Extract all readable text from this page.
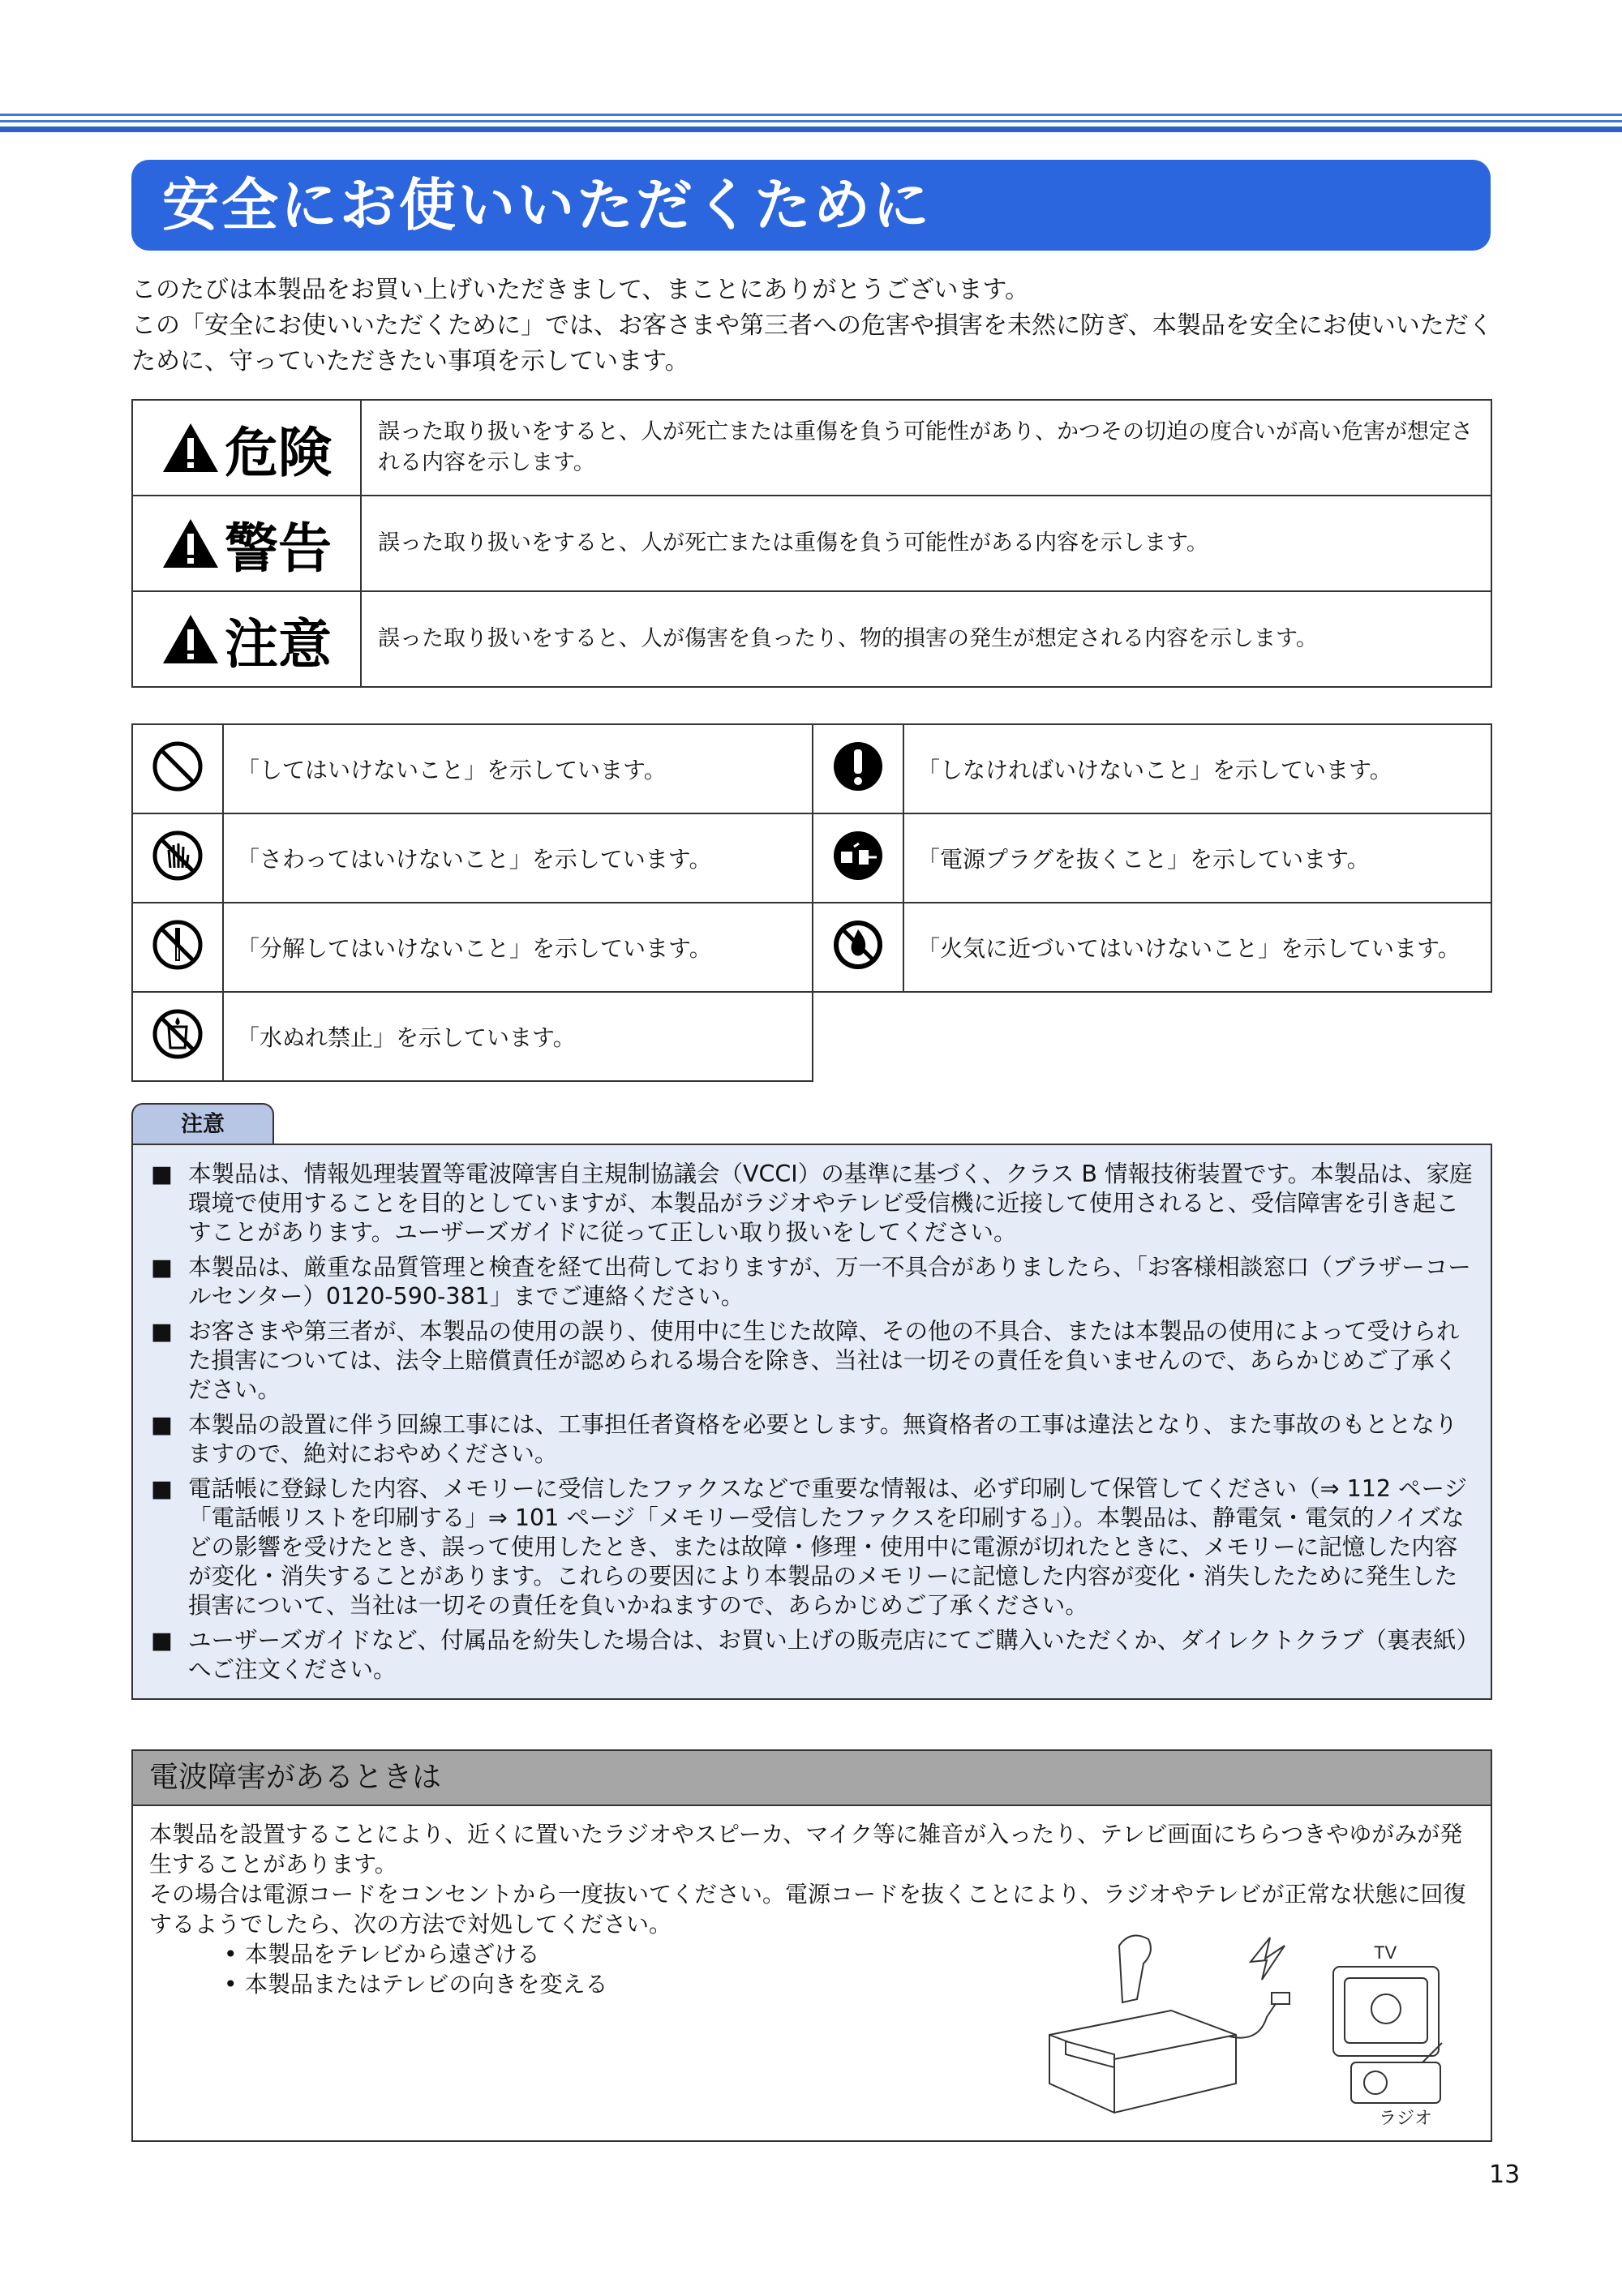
安全にお使いいただくために

このたびは本製品をお買い上げいただきまして、まことにありがとうございます。

この「安全にお使いいただくために」では、お客さまや第三者への危害や損害を未然に防ぎ、本製品を安全にお使いいただくために、守っていただきたい事項を示しています。

危険	誤った取り扱いをすると、人が死亡または重傷を負う可能性があり、かつその切迫の度合いが高い危害が想定される内容を示します。

警告	誤った取り扱いをすると、人が死亡または重傷を負う可能性がある内容を示します。

注意	誤った取り扱いをすると、人が傷害を負ったり、物的損害の発生が想定される内容を示します。
	「してはいけないこと」を示しています。		「しなければいけないこと」を示しています。
	「さわってはいけないこと」を示しています。		「電源プラグを抜くこと」を示しています。
	「分解してはいけないこと」を示しています。		「火気に近づいてはいけないこと」を示しています。
	「水ぬれ禁止」を示しています。		
注意
■ 本製品は、情報処理装置等電波障害自主規制協議会（VCCI）の基準に基づく、クラス B 情報技術装置です。本製品は、家庭環境で使用することを目的としていますが、本製品がラジオやテレビ受信機に近接して使用されると、受信障害を引き起こすことがあります。ユーザーズガイドに従って正しい取り扱いをしてください。
■ 本製品は、厳重な品質管理と検査を経て出荷しておりますが、万一不具合がありましたら、「お客様相談窓口（ブラザーコールセンター）0120-590-381」までご連絡ください。
■ お客さまや第三者が、本製品の使用の誤り、使用中に生じた故障、その他の不具合、または本製品の使用によって受けられた損害については、法令上賠償責任が認められる場合を除き、当社は一切その責任を負いませんので、あらかじめご了承ください。
■ 本製品の設置に伴う回線工事には、工事担任者資格を必要とします。無資格者の工事は違法となり、また事故のもととなりますので、絶対におやめください。
■ 電話帳に登録した内容、メモリーに受信したファクスなどで重要な情報は、必ず印刷して保管してください（⇒ 112 ページ「電話帳リストを印刷する」⇒ 101 ページ「メモリー受信したファクスを印刷する」）。本製品は、静電気・電気的ノイズなどの影響を受けたとき、誤って使用したとき、または故障・修理・使用中に電源が切れたときに、メモリーに記憶した内容が変化・消失することがあります。これらの要因により本製品のメモリーに記憶した内容が変化・消失したために発生した損害について、当社は一切その責任を負いかねますので、あらかじめご了承ください。
■ ユーザーズガイドなど、付属品を紛失した場合は、お買い上げの販売店にてご購入いただくか、ダイレクトクラブ（裏表紙）へご注文ください。
電波障害があるときは

本製品を設置することにより、近くに置いたラジオやスピーカ、マイク等に雑音が入ったり、テレビ画面にちらつきやゆがみが発生することがあります。

その場合は電源コードをコンセントから一度抜いてください。電源コードを抜くことにより、ラジオやテレビが正常な状態に回復するようでしたら、次の方法で対処してください。

• 本製品をテレビから遠ざける
• 本製品またはテレビの向きを変える
TV
ラジオ
13
